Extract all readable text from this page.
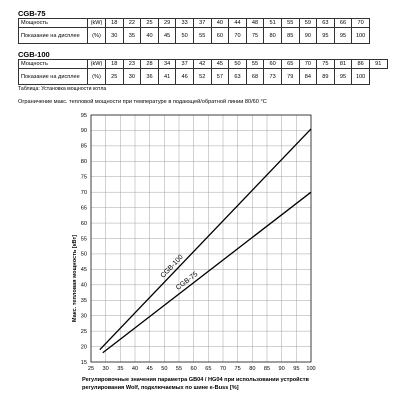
CGB-75
Мощность	(kW)	18	22	25	29	33	37	40	44	48	51	55	59	63	66	70
Показание на дисплее	(%)	30	35	40	45	50	55	60	70	75	80	85	90	95	95	100
CGB-100
Мощность	(kW)	18	23	28	34	37	42	45	50	55	60	65	70	75	81	86	91
Показание на дисплее	(%)	25	30	36	41	46	52	57	63	68	73	79	84	89	95	100	
Таблица: Установка мощности котла
Ограничение макс. тепловой мощности при температуре в подающей/обратной линии 80/60 °C
15
20
25
30
35
40
45
50
55
60
65
70
75
80
85
90
95
25 30 35 40 45 50 55 60 65 70 75 80 85 90 95 100
CGB-100
CGB-75
Макс. тепловая мощность [кВт]
Регулировочные значения параметра GB04 / HG04 при использовании устройств
регулирования Wolf, подключаемых по шине e-Buss [%]
